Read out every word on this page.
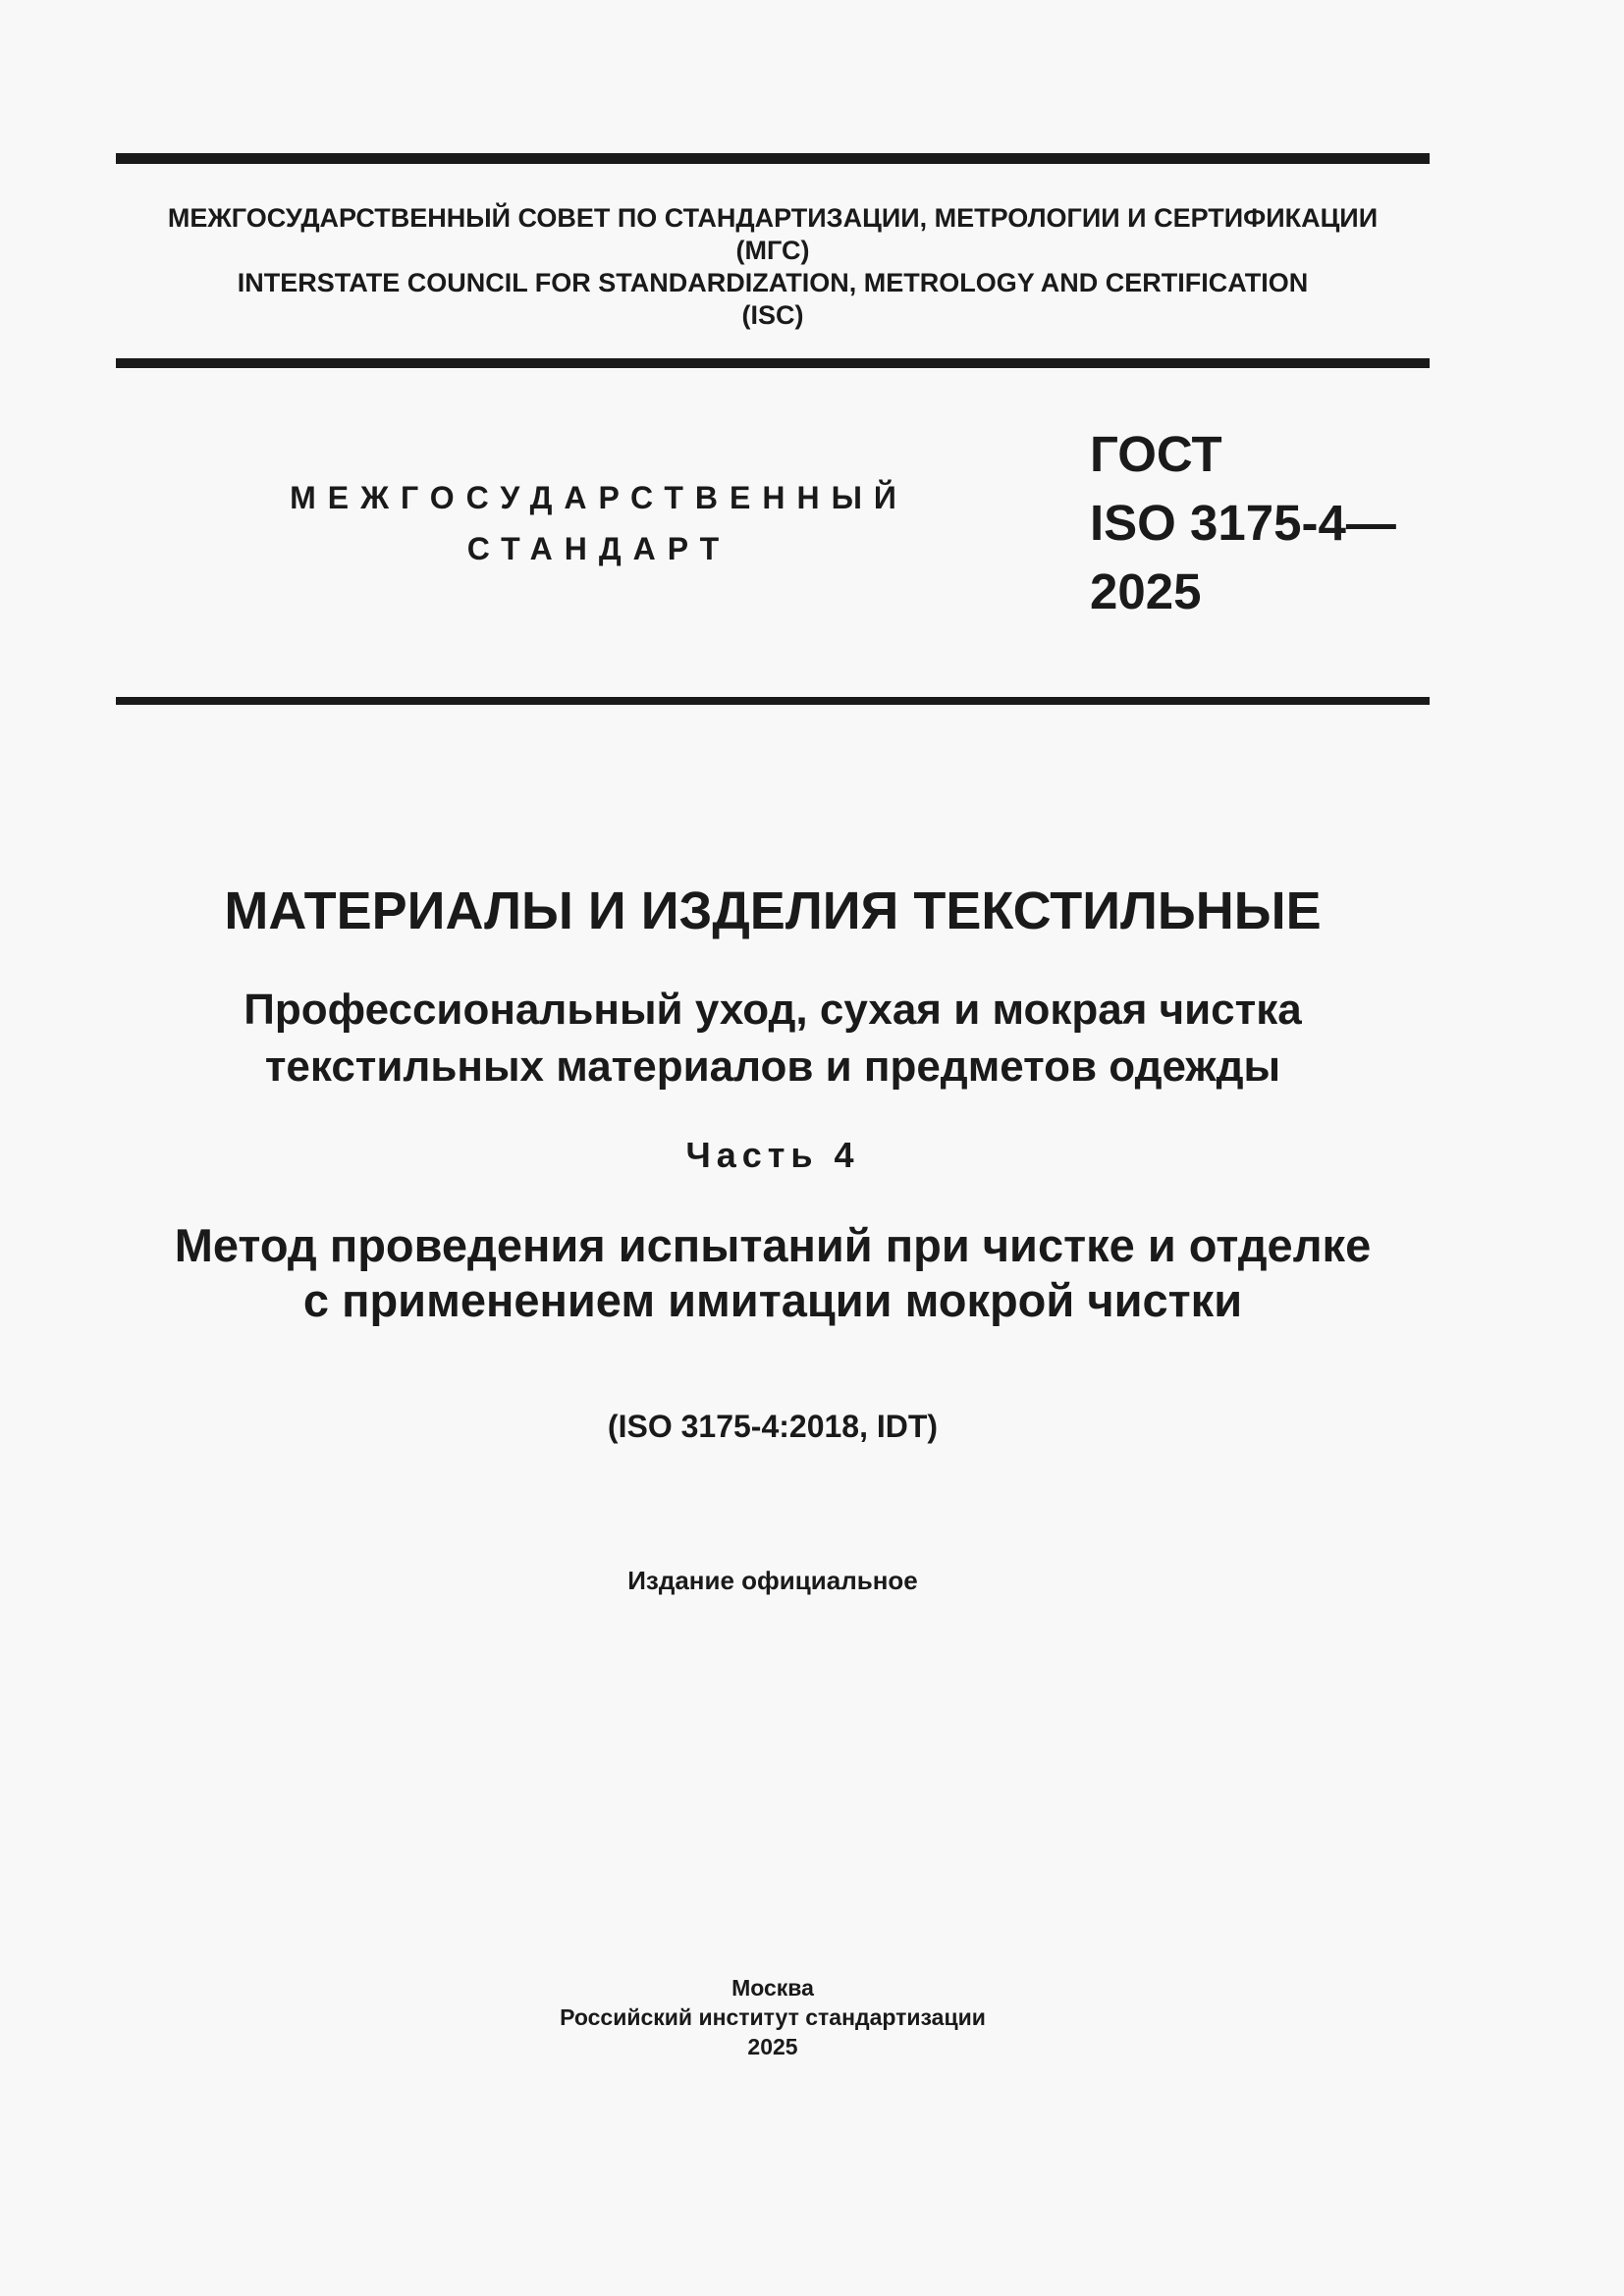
МЕЖГОСУДАРСТВЕННЫЙ СОВЕТ ПО СТАНДАРТИЗАЦИИ, МЕТРОЛОГИИ И СЕРТИФИКАЦИИ
(МГС)
INTERSTATE COUNCIL FOR STANDARDIZATION, METROLOGY AND CERTIFICATION
(ISC)
МЕЖГОСУДАРСТВЕННЫЙ
СТАНДАРТ
ГОСТ
ISO 3175-4—
2025
МАТЕРИАЛЫ И ИЗДЕЛИЯ ТЕКСТИЛЬНЫЕ
Профессиональный уход, сухая и мокрая чистка
текстильных материалов и предметов одежды
Часть 4
Метод проведения испытаний при чистке и отделке
с применением имитации мокрой чистки
(ISO 3175-4:2018, IDT)
Издание официальное
Москва
Российский институт стандартизации
2025
